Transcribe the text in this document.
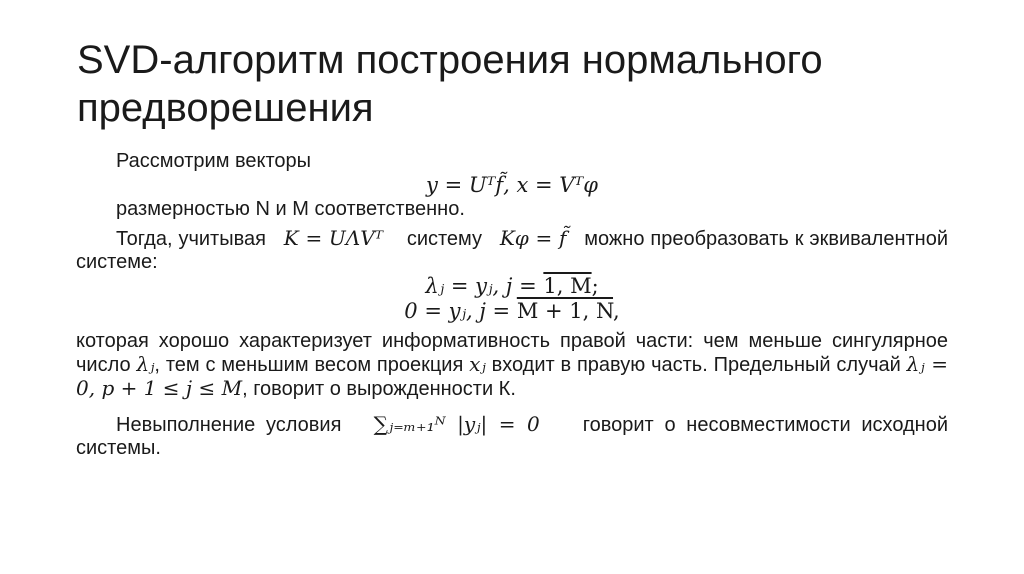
SVD-алгоритм построения нормального предворешения

Рассмотрим векторы

y = Uᵀf̃, x = Vᵀφ

размерностью N и M соответственно.

Тогда, учитывая K = UΛVᵀ систему Kφ = f̃ можно преобразовать к эквивалентной системе:

λⱼ = yⱼ, j = 1, M;
0 = yⱼ, j = M + 1, N,

которая хорошо характеризует информативность правой части: чем меньше сингулярное число λⱼ, тем с меньшим весом проекция xⱼ входит в правую часть. Предельный случай λⱼ = 0, p + 1 ≤ j ≤ M, говорит о вырожденности К.

Невыполнение условия ∑ⱼ₌ₘ₊₁ᴺ |yⱼ| = 0 говорит о несовместимости исходной системы.
